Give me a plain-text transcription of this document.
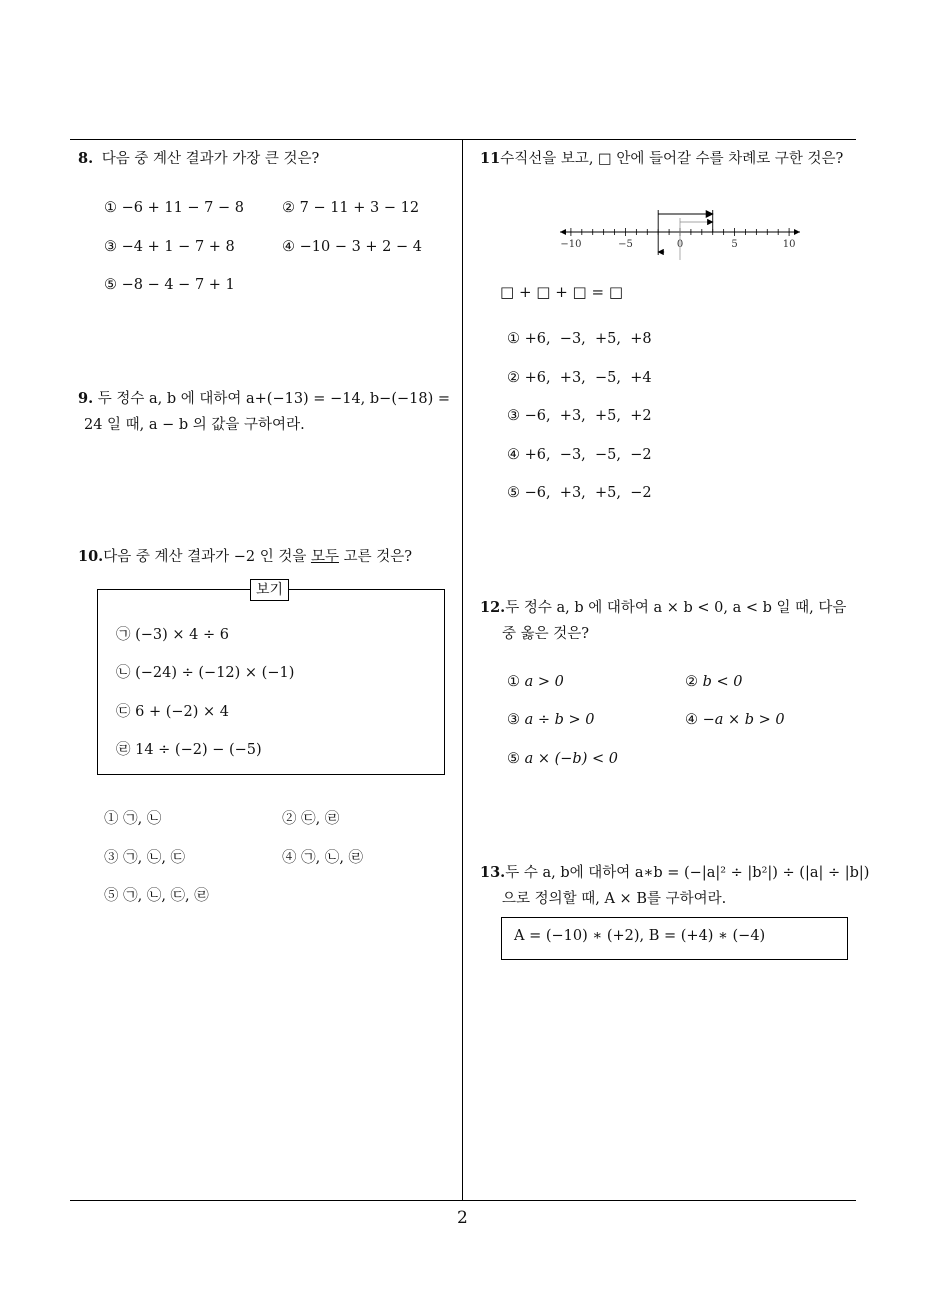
8. 다음 중 계산 결과가 가장 큰 것은?
① −6 + 11 − 7 − 8	② 7 − 11 + 3 − 12
③ −4 + 1 − 7 + 8	④ −10 − 3 + 2 − 4
⑤ −8 − 4 − 7 + 1
9. 두 정수 a, b 에 대하여 a+(−13) = −14, b−(−18) =
24 일 때, a − b 의 값을 구하여라.
10.다음 중 계산 결과가 −2 인 것을 모두 고른 것은?
보기
㉠ (−3) × 4 ÷ 6
㉡ (−24) ÷ (−12) × (−1)
㉢ 6 + (−2) × 4
㉣ 14 ÷ (−2) − (−5)
① ㉠, ㉡	② ㉢, ㉣
③ ㉠, ㉡, ㉢	④ ㉠, ㉡, ㉣
⑤ ㉠, ㉡, ㉢, ㉣
11수직선을 보고, □ 안에 들어갈 수를 차례로 구한 것은?
−10	−5	0	5	10
□ + □ + □ = □
① +6,  −3,  +5,  +8
② +6,  +3,  −5,  +4
③ −6,  +3,  +5,  +2
④ +6,  −3,  −5,  −2
⑤ −6,  +3,  +5,  −2
12.두 정수 a, b 에 대하여 a × b < 0, a < b 일 때, 다음
중 옳은 것은?
① a > 0	② b < 0
③ a ÷ b > 0	④ −a × b > 0
⑤ a × (−b) < 0
13.두 수 a, b에 대하여 a∗b = (−|a|² ÷ |b²|) ÷ (|a| ÷ |b|)
으로 정의할 때, A × B를 구하여라.
A = (−10) ∗ (+2), B = (+4) ∗ (−4)
2
